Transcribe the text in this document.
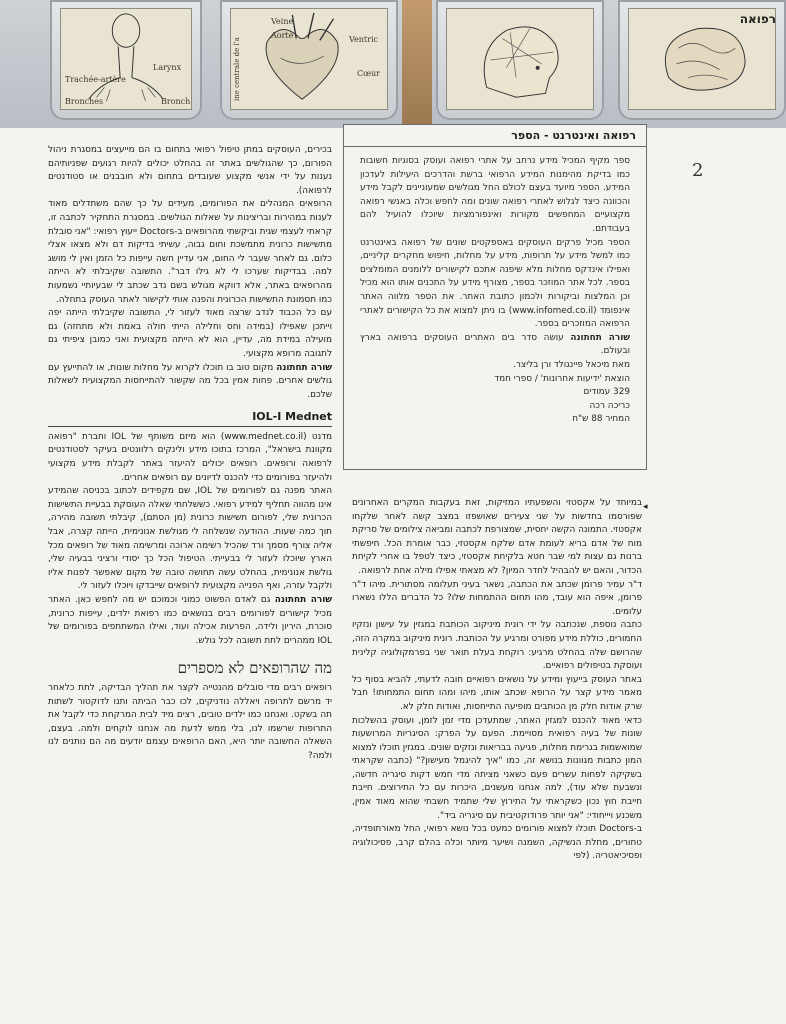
Trachée-artère
Larynx
Bronches	Bronch
ine centrale de l'a
Veine
Aorte	Ventric
Cœur
רפואה
רפואה ואינטרנט - הספר

ספר מקיף המכיל מידע נרחב על אתרי רפואה ועוסק בסוגיות חשובות כמו בדיקת מהימנות המידע הרפואי ברשת והדרכים היעילות לעדכון המידע. הספר מיועד בעצם לכולם החל מגולשים שמעוניינים לקבל מידע והכוונה כיצד לגלוש לאתרי רפואה שונים ומה לחפש וכלה באנשי רפואה מקצועיים המחפשים מקורות ואינפורמציות שיוכלו להועיל להם בעבודתם.

הספר מכיל פרקים העוסקים באספקטים שונים של רפואה באינטרנט כמו למשל מידע על תרופות, מידע על מחלות, חיפוש מחקרים קליניים, ואפילו אינדקס מחלות מלא שיפנה אתכם לקישורים ללומנים המומלצים בספר. לכל אתר המוזכר בספר, מצורף מידע על התכנים אותו הוא מכיל וכן המלצות וביקורות ולכמון כתובת האתר. את הספר מלווה האתר אינפומד (www.infomed.co.il) בו ניתן למצוא את כל הקישורים לאתרי הרפואה המוזכרים בספר.

שורה תחתונה עושה סדר בים האתרים העוסקים ברפואה בארץ ובעולם.

מאת מיכאל פיינגולד ורן בליצר.
הוצאת 'ידיעות אחרונות' / ספרי חמד
329 עמודים
כריכה רכה
המחיר 88 ש"ח
2

בכירים, העוסקים במתן טיפול רפואי בתחום בו הם מייעצים במסגרת ניהול הפורום, כך שהגולשים באתר זה בהחלט יכולים להיות רגועים שפניותיהם נענות על ידי אנשי מקצוע שעובדים בתחום ולא חובבנים או סטודנטים לרפואה).

הרופאים המנהלים את הפורומים, מעידים על כך שהם משתדלים מאוד לענות במהירות ובריצינות על שאלות הגולשים. במסגרת התחקיר לכתבה זו, קראתי לעצמי שגית וביקשתי מהרופאים ב-Doctors ייעוץ רפואי: "אני סובלת מתשישות כרונית מתמשכת וחום גבוה, עשיתי בדיקות דם ולא מצאו אצלי כלום. גם לאחר שעבר לי החום, אני עדיין חשה עייפות כל הזמן ואין לי מושג למה. בבדיקות שערכו לי לא גילו דבר". התשובה שקיבלתי לא הייתה מהרופאים באתר, אלא דווקא מגולש בשם נדב שכתב לי שבעיותיי נשמעות כמו תסמונת התשישות הכרונית והפנה אותי לקישור לאתר העוסק בתחלה.

עם כל הכבוד לנדב שרצה מאוד לעזור לי, התשובה שקיבלתי הייתה יפה וייתכן שאפילו (במידה וחס וחלילה הייתי חולה באמת ולא מתחזה) גם מועילה במידת מה, עדיין, הוא לא הייתה מקצועית ואני כמובן ציפיתי גם לתגובה מרופא מקצועי.

שורה תחתונה מקום טוב בו תוכלו לקרוא על מחלות שונות, או להתייעץ עם גולשים אחרים. פחות אמין בכל מה שקשור להתייחסות המקצועית לשאלות שלכם.

IOL-I Mednet

מדנט (www.mednet.co.il) הוא מיזם משותף של IOL וחברת "רפואה מקוונת בישראל", המרכז בתוכו מידע ולינקים רלוונטים בעיקר לסטודנטים לרפואה ורופאים. רופאים יכולים להיעזר באתר לקבלת מידע מקצועי ולהיעזר בפורומים כדי להכנס לדיונים עם רופאים אחרים.

האתר מפנה גם לפורומים של IOL, שם מקפידים לכתוב בכניסה שהמידע אינו מהווה תחליף למידע רפואי. כששלחתי שאלה העוסקת בבעיית התשישות הכרונית שלי, לפורום תשישות כרונית (מן הסתם), קיבלתי תשובה מהירה, תוך כמה שעות. ההודעה שנשלחה לי מגולשת אנונימית, הייתה קצרה, אבל אליה צורף מסמך ורד שהכיל רשימה ארוכה ומרשימה מאוד של רופאים מכל הארץ שיוכלו לעזור לי בבעייתי. הטיפול הכל כך יסודי ורציני בבעיה שלי, גולשת אנונימית, בהחלט עשה תחושה טובה של מקום שאפשר לפנות אליו ולקבל עזרה, ואף הפנייה מקצועית לרופאים שייבדקו ויוכלו לעזור לי.

שורה תחתונה גם לאדם הפשוט כמוני וכמוכם יש מה לחפש כאן. האתר מכיל קישורים לפורומים רבים בנושאים כמו רפואת ילדים, עייפות כרונית, סוכרת, היריון ולידה, הפרעות אכילה ועוד, ואילו המשתתפים בפורומים של IOL ממהרים לתת תשובה לכל גולש.

מה שהרופאים לא מספרים

רופאים רבים מדי סובלים מהנטייה לקצר את תהליך הבדיקה, לתת כלאחר יד מרשם לתרופה ויאללה נודניקים, לכו כבר הביתה ותנו לדוקטור לשתות תה בשקט. ואנחנו כמו ילדים טובים, רצים מיד לבית המרקחת כדי לקבל את התרופות שרשמו לנו, בלי ממש לדעת מה אנחנו לוקחים ולמה. בעצם, השאלה החשובה יותר היא, האם הרופאים עצמם יודעים מה הם נותנים לנו ולמה?

◂

במיוחד על אקסטזי והשפעתיו המזיקות, זאת בעקבות המקרים האחרונים שפורסמו בחדשות על שני צעירים שאושפזו במצב קשה לאחר שלקחו אקסטזי. התמונה הקשה יחסית, שמצורפת לכתבה ומביאה צילומים של סריקת מוח של אדם בריא לעומת אדם שלקח אקסטזי, כבר אומרת הכל. חיפשתי ברנות גם עצות למי שבר חטא בלקיחת אקסטזי, כיצד לטפל בו אחרי לקיחת הכדור, והאם יש להבהיל לחדר המיון? לא מצאתי אפילו מילה אחת לרפואה.

ד"ר עמיר פרומן שכתב את הכתבה, נשאר בעיני תעלומה מסתורית. מיהו ד"ר פרומן, איפה הוא עובד, מהו תחום ההתמחות שלו? כל הדברים הללו נשארו עלומים.

כתבה נוספת, שנכתבה על ידי רונית מיניקוב הכותבת במגזין על עישון ונזקיו החמורים, כוללת מידע מפורט ומרגיע על הכותבת. רונית מיניקוב במקרה הזה, שהרושם שלה בהחלט מרגיע: רוקחת בעלת תואר שני בפרמקולוגיה קלינית ועוסקת בטיפולים רפואיים.

באתר העוסק בייעוץ ומידע על נושאים רפואיים חובה לדעתי, להביא בסוף כל מאמר מידע קצר על הרופא שכתב אותו, מיהו ומהו תחום התמחותו! חבל שרק אודות חלק מן הכותבים מופיעה התייחסות, ואודות חלק לא.

כדאי מאוד להכנס למגזין האתר, שמתעדכן מדי זמן לזמן, ועוסק בהשלכות שונות של בעיה רפואית מסויימת. הפעם על הפרק: הסיגריות המרושעות שמואשמות בגרימת מחלות, פגיעה בבריאות ונזקים שונים. במגזין תוכלו למצוא המון כתבות מגוונות בנושא זה, כמו "איך להיגמל מעישון?" (כתבה שקראתי בשקיקה לפחות עשרים פעם כשאני מציתה מדי חמש דקות סיגריה חדשה, ונשבעת שלא עוד), למה אנחנו מעשנים, היכרות עם כל התירוצים. חייבת חייבת חוץ נכון כשקראתי על התירוץ שלי שתמיד חשבתי שהוא מאוד אמין, משכנע ויייחודי: "אני יותר פרודוקטיבית עם סיגריה ביד".

ב-Doctors תוכלו למצוא פורומים כמעט בכל נושא רפואי, החל מאורתופדיה, טחורים, מחלת הנשיקה, השמנה ושיער מיותר וכלה בהלם קרב, פסיכולוגיה ופסיכיאטריה. (לפי
